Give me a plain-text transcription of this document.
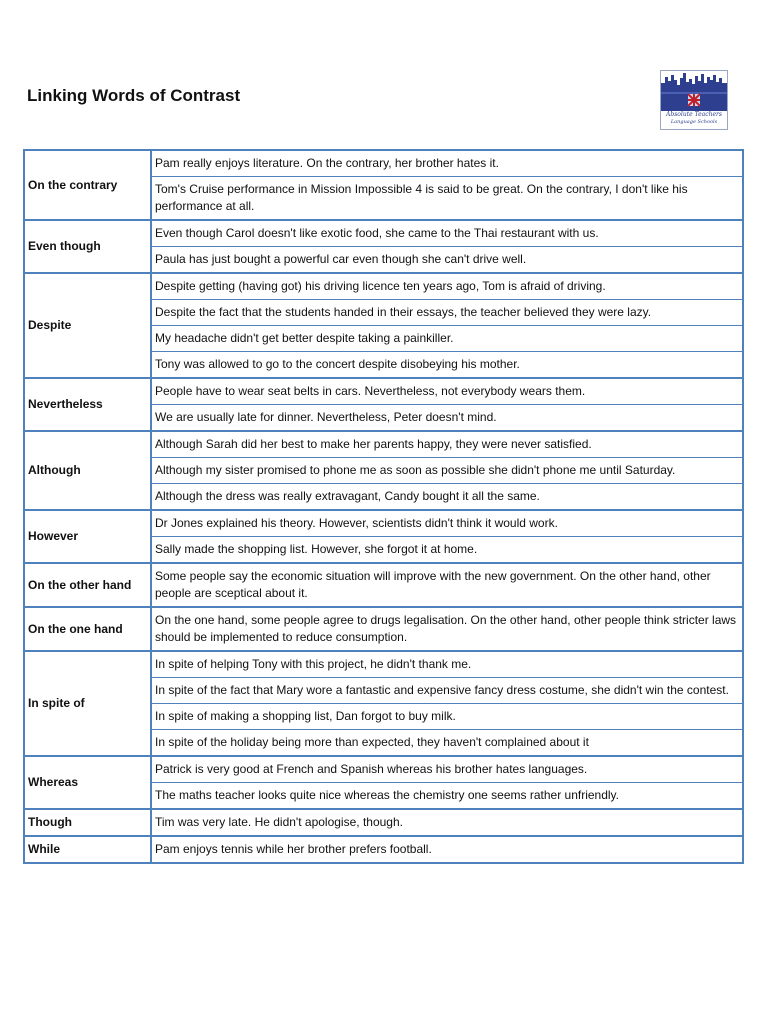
Linking Words of Contrast
Absolute Teachers
Language Schools
On the contrary	Pam really enjoys literature. On the contrary, her brother hates it.
	Tom's Cruise performance in Mission Impossible 4 is said to be great. On the contrary, I don't like his performance at all.
Even though	Even though Carol doesn't like exotic food, she came to the Thai restaurant with us.
	Paula has just bought a powerful car even though she can't drive well.
Despite	Despite getting (having got) his driving licence ten years ago, Tom is afraid of driving.
	Despite the fact that the students handed in their essays, the teacher believed they were lazy.
	My headache didn't get better despite taking a painkiller.
	Tony was allowed to go to the concert despite disobeying his mother.
Nevertheless	People have to wear seat belts in cars. Nevertheless, not everybody wears them.
	We are usually late for dinner. Nevertheless, Peter doesn't mind.
Although	Although Sarah did her best to make her parents happy, they were never satisfied.
	Although my sister promised to phone me as soon as possible she didn't phone me until Saturday.
	Although the dress was really extravagant, Candy bought it all the same.
However	Dr Jones explained his theory. However, scientists didn't think it would work.
	Sally made the shopping list. However, she forgot it at home.
On the other hand	Some people say the economic situation will improve with the new government. On the other hand, other people are sceptical about it.
On the one hand	On the one hand, some people agree to drugs legalisation. On the other hand, other people think stricter laws should be implemented to reduce consumption.
In spite of	In spite of helping Tony with this project, he didn't thank me.
	In spite of the fact that Mary wore a fantastic and expensive fancy dress costume, she didn't win the contest.
	In spite of making a shopping list, Dan forgot to buy milk.
	In spite of the holiday being more than expected, they haven't complained about it
Whereas	Patrick is very good at French and Spanish whereas his brother hates languages.
	The maths teacher looks quite nice whereas the chemistry one seems rather unfriendly.
Though	Tim was very late. He didn't apologise, though.
While	Pam enjoys tennis while her brother prefers football.
